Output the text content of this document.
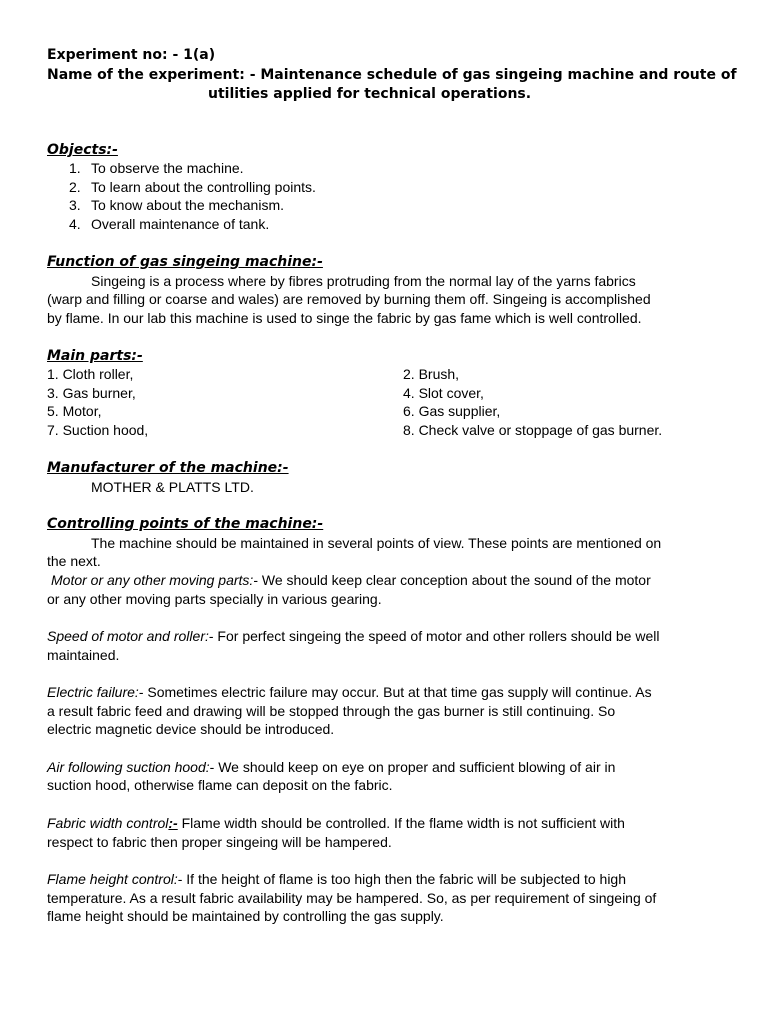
Experiment no: - 1(a)
Name of the experiment: - Maintenance schedule of gas singeing machine and route of
utilities applied for technical operations.
Objects:-
1. To observe the machine.
2. To learn about the controlling points.
3. To know about the mechanism.
4. Overall maintenance of tank.
Function of gas singeing machine:-
Singeing is a process where by fibres protruding from the normal lay of the yarns fabrics
(warp and filling or coarse and wales) are removed by burning them off. Singeing is accomplished
by flame. In our lab this machine is used to singe the fabric by gas fame which is well controlled.
Main parts:-
1. Cloth roller,
3. Gas burner,
5. Motor,
7. Suction hood,
2. Brush,
4. Slot cover,
6. Gas supplier,
8. Check valve or stoppage of gas burner.
Manufacturer of the machine:-
MOTHER & PLATTS LTD.
Controlling points of the machine:-
The machine should be maintained in several points of view. These points are mentioned on
the next.
Motor or any other moving parts:- We should keep clear conception about the sound of the motor
or any other moving parts specially in various gearing.
Speed of motor and roller:- For perfect singeing the speed of motor and other rollers should be well
maintained.
Electric failure:- Sometimes electric failure may occur. But at that time gas supply will continue. As
a result fabric feed and drawing will be stopped through the gas burner is still continuing. So
electric magnetic device should be introduced.
Air following suction hood:- We should keep on eye on proper and sufficient blowing of air in
suction hood, otherwise flame can deposit on the fabric.
Fabric width control:- Flame width should be controlled. If the flame width is not sufficient with
respect to fabric then proper singeing will be hampered.
Flame height control:- If the height of flame is too high then the fabric will be subjected to high
temperature. As a result fabric availability may be hampered. So, as per requirement of singeing of
flame height should be maintained by controlling the gas supply.
